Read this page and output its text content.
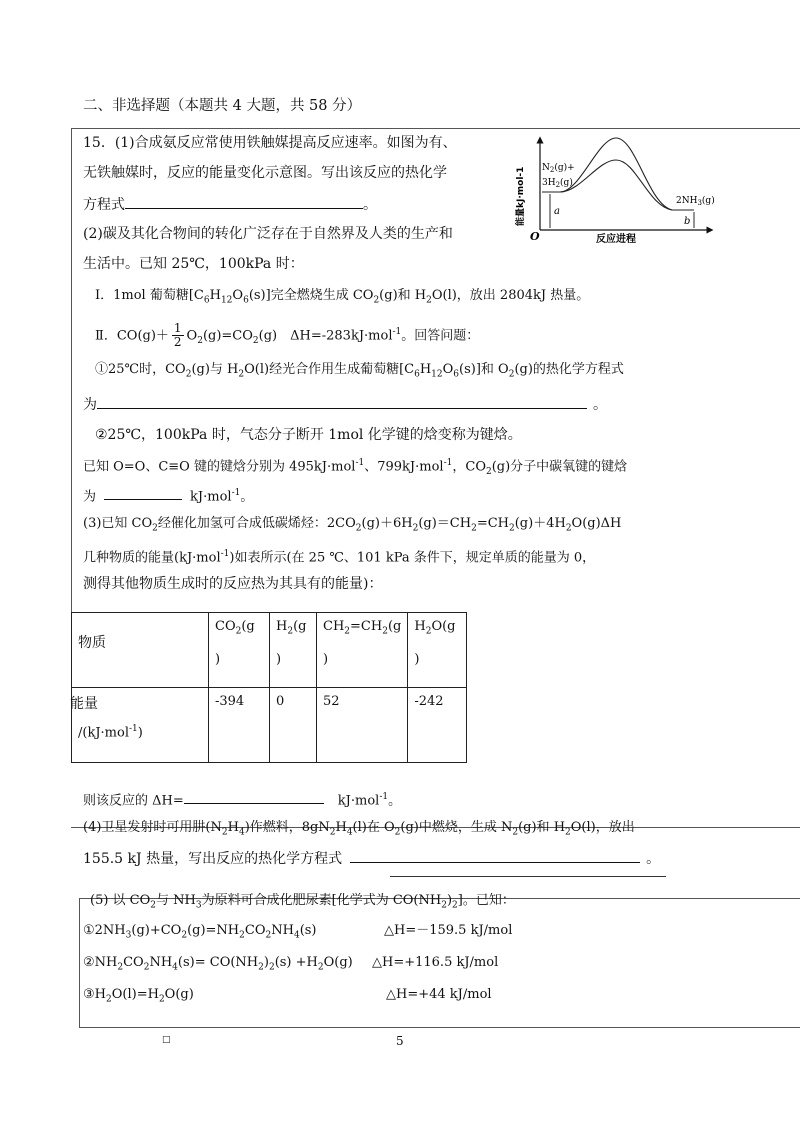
二、非选择题（本题共 4 大题，共 58 分）
15．(1)合成氨反应常使用铁触媒提高反应速率。如图为有、
无铁触媒时，反应的能量变化示意图。写出该反应的热化学
方程式	。	能量kJ·mol-1 $N_2(g)+$
$3H_2(g)$
$2NH_3(g)$
a
b
O	反应进程
(2)碳及其化合物间的转化广泛存在于自然界及人类的生产和
生活中。已知 25℃，100kPa 时：
Ⅰ．1mol 葡萄糖$[C_6H_{12}O_6(s)]$完全燃烧生成 $CO_2(g)$和 $H_2O(l)$，放出 2804kJ 热量。
Ⅱ．$CO(g)+ \frac{1}{2} O_2(g)=CO_2(g)$　ΔH=-283kJ·mol$^{-1}$。回答问题：
①25℃时，$CO_2(g)$与 $H_2O(l)$经光合作用生成葡萄糖$[C_6H_{12}O_6(s)]$和 $O_2(g)$的热化学方程式
为	。
②25℃，100kPa 时，气态分子断开 1mol 化学键的焓变称为键焓。
已知 O=O、C≡O 键的键焓分别为 495kJ·mol$^{-1}$、799kJ·mol$^{-1}$，$CO_2(g)$分子中碳氧键的键焓
为	kJ·mol$^{-1}$。
(3)已知 $CO_2$经催化加氢可合成低碳烯烃：$2CO_2(g)+6H_2(g)=CH_2=CH_2(g)+4H_2O(g)\Delta H$
几种物质的能量(kJ·mol$^{-1}$)如表所示(在 25 ℃、101 kPa 条件下，规定单质的能量为 0，
测得其他物质生成时的反应热为其具有的能量)：
物质	$CO_2(g$
)	$H_2(g$
)	$CH_2=CH_2(g$
)	$H_2O(g$
)
能量
/(kJ·mol$^{-1}$)	-394	0	52	-242
则该反应的 ΔH=	kJ·mol$^{-1}$。
(4)卫星发射时可用肼$(N_2H_4)$作燃料，$8gN_2H_4(l)$在 $O_2(g)$中燃烧，生成 $N_2(g)$和 $H_2O(l)$，放出
155.5 kJ 热量，写出反应的热化学方程式	。
(5) 以 $CO_2$与 $NH_3$为原料可合成化肥尿素[化学式为 $CO(NH_2)_2$]。已知：
$①2NH_3(g)+CO_2(g)=NH_2CO_2NH_4(s)$	△H=－159.5 kJ/mol
$②NH_2CO_2NH_4(s)= CO(NH_2)_2(s) +H_2O(g)$ △H=+116.5 kJ/mol
$③H_2O(l)=H_2O(g)$	△H=+44 kJ/mol
□	5
